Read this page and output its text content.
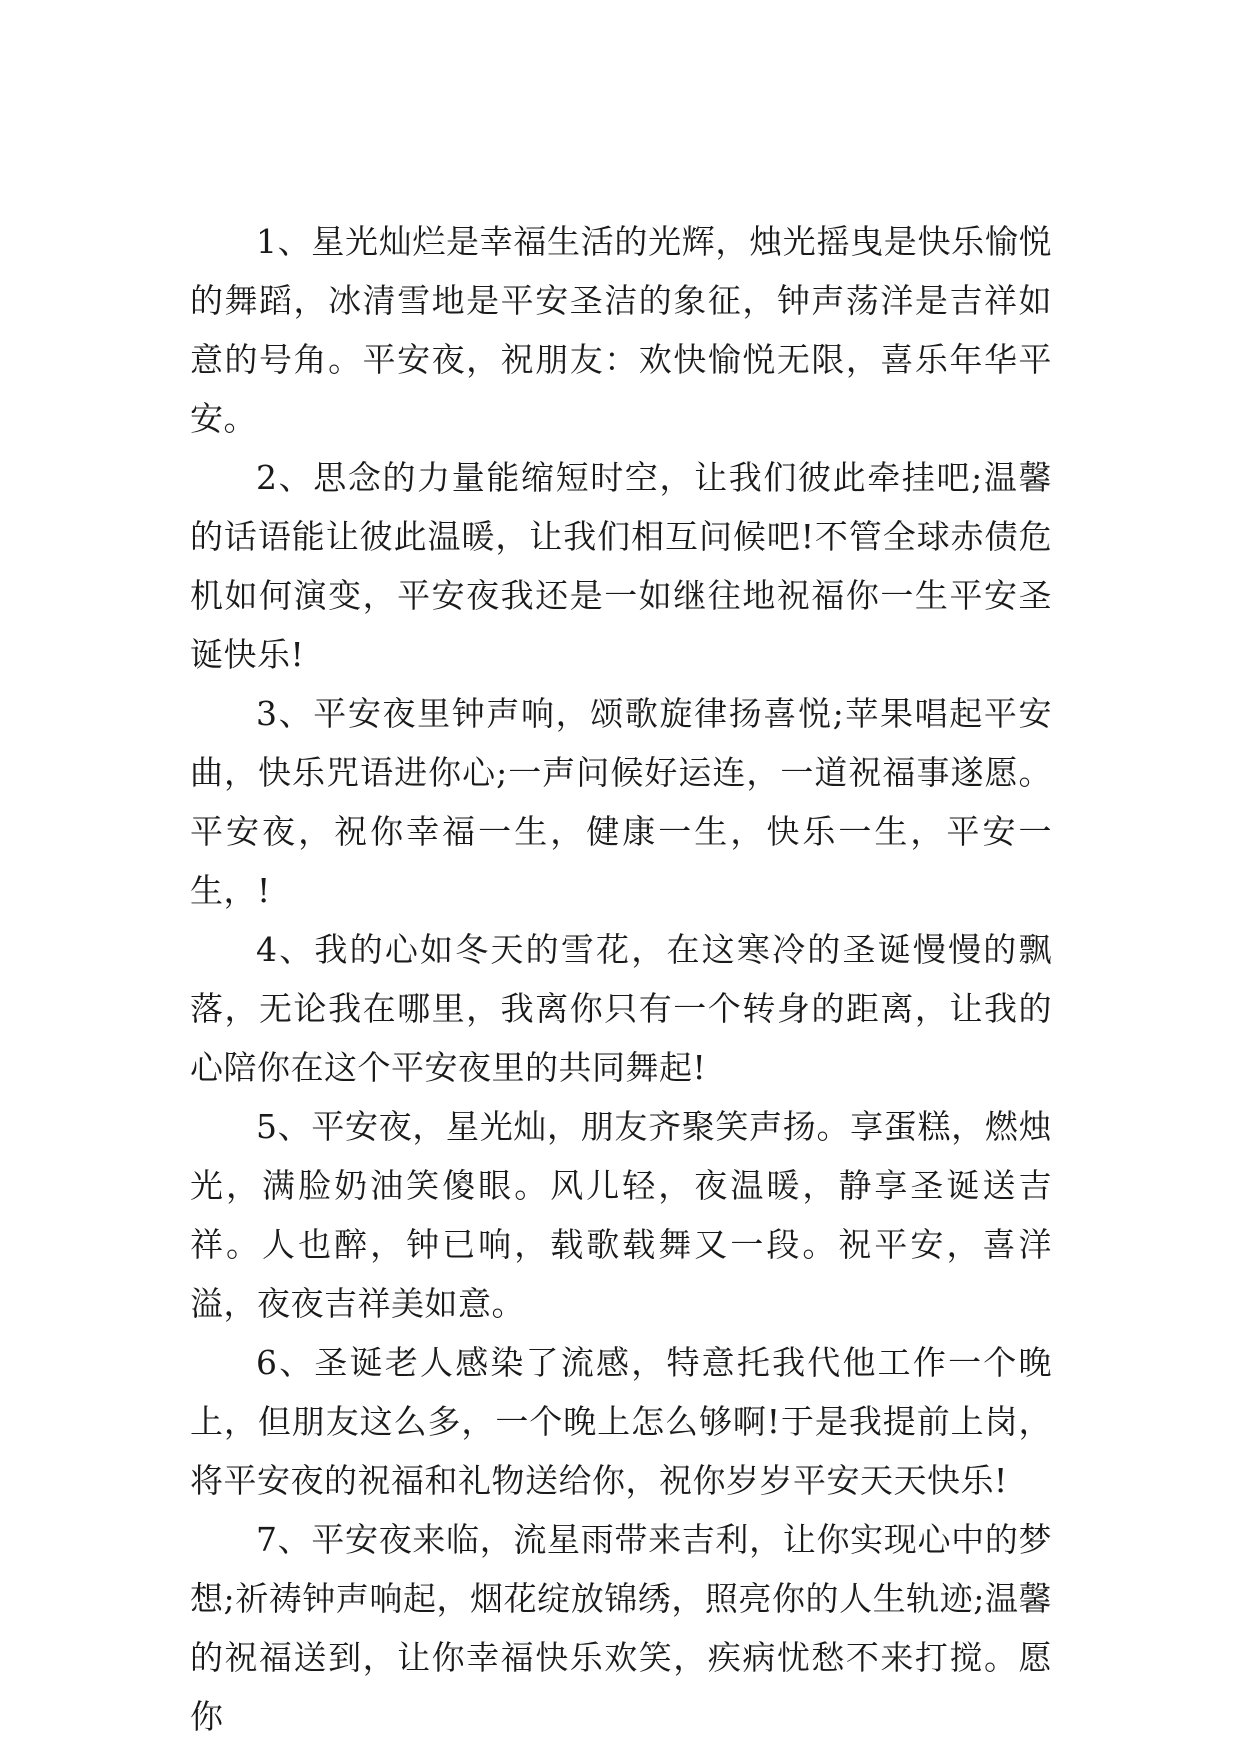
1、星光灿烂是幸福生活的光辉，烛光摇曳是快乐愉悦的舞蹈，冰清雪地是平安圣洁的象征，钟声荡洋是吉祥如意的号角。平安夜，祝朋友：欢快愉悦无限，喜乐年华平安。

2、思念的力量能缩短时空，让我们彼此牵挂吧;温馨的话语能让彼此温暖，让我们相互问候吧!不管全球赤债危机如何演变，平安夜我还是一如继往地祝福你一生平安圣诞快乐!

3、平安夜里钟声响，颂歌旋律扬喜悦;苹果唱起平安曲，快乐咒语进你心;一声问候好运连，一道祝福事遂愿。平安夜，祝你幸福一生，健康一生，快乐一生，平安一生，!

4、我的心如冬天的雪花，在这寒冷的圣诞慢慢的飘落，无论我在哪里，我离你只有一个转身的距离，让我的心陪你在这个平安夜里的共同舞起!

5、平安夜，星光灿，朋友齐聚笑声扬。享蛋糕，燃烛光，满脸奶油笑傻眼。风儿轻，夜温暖，静享圣诞送吉祥。人也醉，钟已响，载歌载舞又一段。祝平安，喜洋溢，夜夜吉祥美如意。

6、圣诞老人感染了流感，特意托我代他工作一个晚上，但朋友这么多，一个晚上怎么够啊!于是我提前上岗，将平安夜的祝福和礼物送给你，祝你岁岁平安天天快乐!

7、平安夜来临，流星雨带来吉利，让你实现心中的梦想;祈祷钟声响起，烟花绽放锦绣，照亮你的人生轨迹;温馨的祝福送到，让你幸福快乐欢笑，疾病忧愁不来打搅。愿你
